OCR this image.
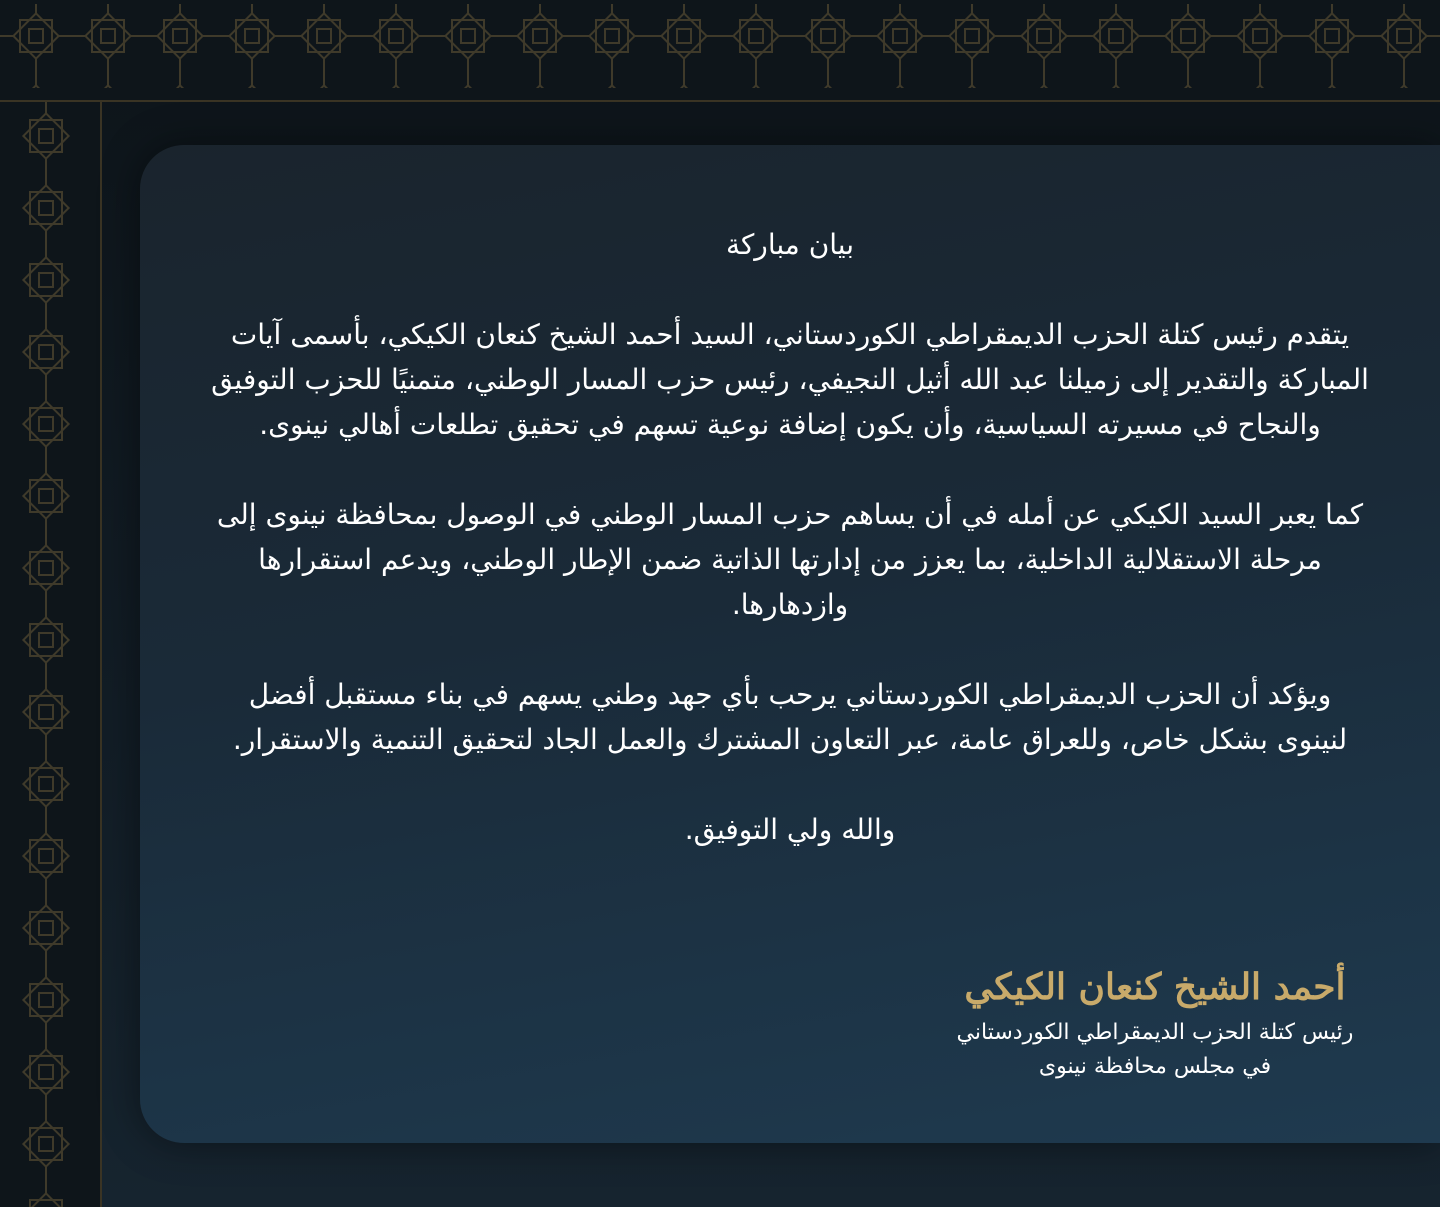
بيان مباركة

يتقدم رئيس كتلة الحزب الديمقراطي الكوردستاني، السيد أحمد الشيخ كنعان الكيكي، بأسمى آيات المباركة والتقدير إلى زميلنا عبد الله أثيل النجيفي، رئيس حزب المسار الوطني، متمنيًا للحزب التوفيق والنجاح في مسيرته السياسية، وأن يكون إضافة نوعية تسهم في تحقيق تطلعات أهالي نينوى.

كما يعبر السيد الكيكي عن أمله في أن يساهم حزب المسار الوطني في الوصول بمحافظة نينوى إلى مرحلة الاستقلالية الداخلية، بما يعزز من إدارتها الذاتية ضمن الإطار الوطني، ويدعم استقرارها وازدهارها.

ويؤكد أن الحزب الديمقراطي الكوردستاني يرحب بأي جهد وطني يسهم في بناء مستقبل أفضل لنينوى بشكل خاص، وللعراق عامة، عبر التعاون المشترك والعمل الجاد لتحقيق التنمية والاستقرار.

والله ولي التوفيق.

أحمد الشيخ كنعان الكيكي
رئيس كتلة الحزب الديمقراطي الكوردستاني
في مجلس محافظة نينوى
